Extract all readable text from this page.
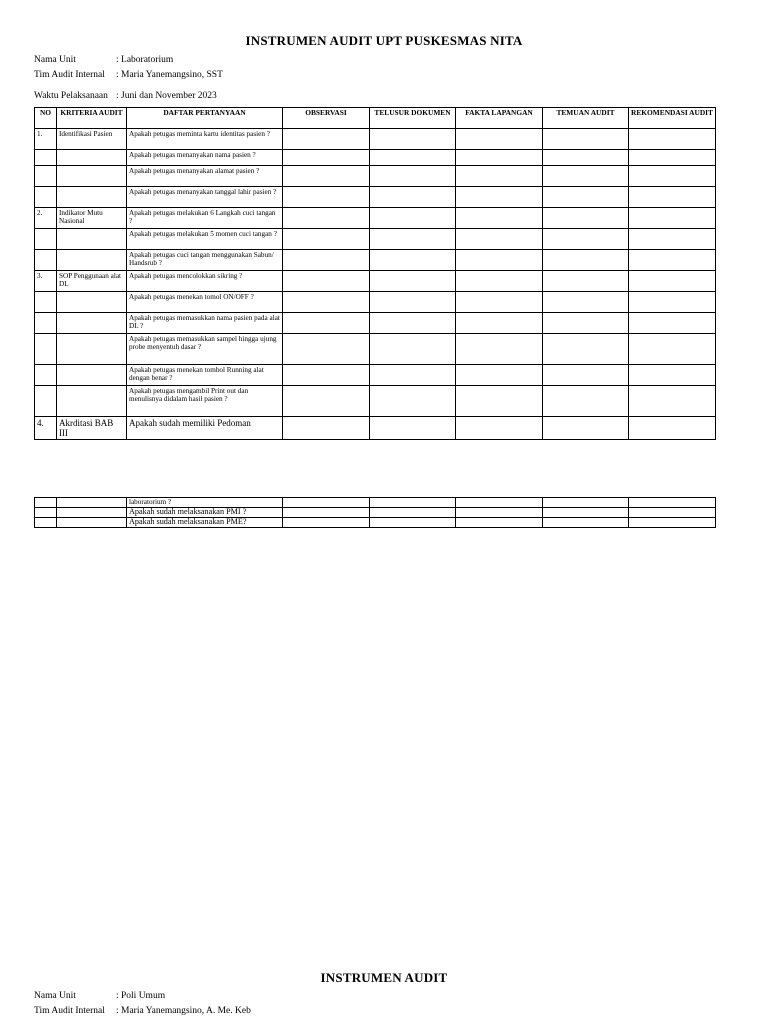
INSTRUMEN AUDIT UPT PUSKESMAS NITA
Nama Unit	: Laboratorium
Tim Audit Internal : Maria Yanemangsino, SST
Waktu Pelaksanaan : Juni dan November 2023
NO	KRITERIA AUDIT	DAFTAR PERTANYAAN	OBSERVASI	TELUSUR DOKUMEN	FAKTA LAPANGAN	TEMUAN AUDIT	REKOMENDASI AUDIT
1.	Identifikasi Pasien	Apakah petugas meminta kartu identitas pasien ?					
		Apakah petugas menanyakan nama pasien ?					
		Apakah petugas menanyakan alamat pasien ?					
		Apakah petugas menanyakan tanggal lahir pasien ?					
2.	Indikator Mutu Nasional	Apakah petugas melakukan 6 Langkah cuci tangan ?					
		Apakah petugas melakukan 5 momen cuci tangan ?					
		Apakah petugas cuci tangan menggunakan Sabun/ Handsrub ?					
3.	SOP Penggunaan alat DL	Apakah petugas mencolokkan sikring ?					
		Apakah petugas menekan tomol ON/OFF ?					
		Apakah petugas memasukkan nama pasien pada alat DL ?					
		Apakah petugas memasukkan sampel hingga ujung probe menyentuh dasar ?					
		Apakah petugas menekan tombol Running alat dengan benar ?					
		Apakah petugas mengambil Print out dan menulisnya didalam hasil pasien ?					
4.	Akrditasi BAB III	Apakah sudah memiliki Pedoman					
		laboratorium ?					
		Apakah sudah melaksanakan PMI ?					
		Apakah sudah melaksanakan PME?					
INSTRUMEN AUDIT
Nama Unit	: Poli Umum
Tim Audit Internal : Maria Yanemangsino, A. Me. Keb
